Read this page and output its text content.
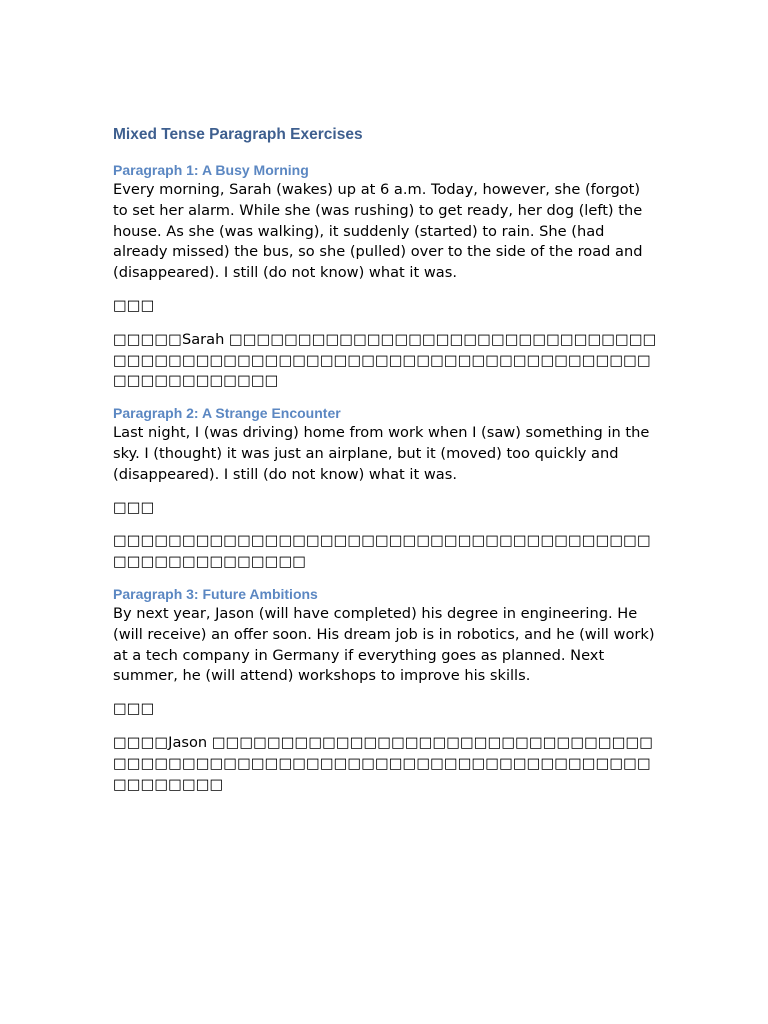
Mixed Tense Paragraph Exercises
Paragraph 1: A Busy Morning

Every morning, Sarah (wakes) up at 6 a.m. Today, however, she (forgot) to set her alarm. While she (was rushing) to get ready, her dog (left) the house. As she (was walking), it suddenly (started) to rain. She (had already missed) the bus, so she (pulled) over to the side of the road and (disappeared). I still (do not know) what it was.

□□□

□□□□□Sarah □□□□□□□□□□□□□□□□□□□□□□□□□□□□□□□□□□□□□□□□□□□□□□□□□□□□□□□□□□□□□□□□□□□□□□□□□□□□□□□□□□

Paragraph 2: A Strange Encounter

Last night, I (was driving) home from work when I (saw) something in the sky. I (thought) it was just an airplane, but it (moved) too quickly and (disappeared). I still (do not know) what it was.

□□□

□□□□□□□□□□□□□□□□□□□□□□□□□□□□□□□□□□□□□□□□□□□□□□□□□□□□□

Paragraph 3: Future Ambitions

By next year, Jason (will have completed) his degree in engineering. He (will receive) an offer soon. His dream job is in robotics, and he (will work) at a tech company in Germany if everything goes as planned. Next summer, he (will attend) workshops to improve his skills.

□□□

□□□□Jason □□□□□□□□□□□□□□□□□□□□□□□□□□□□□□□□□□□□□□□□□□□□□□□□□□□□□□□□□□□□□□□□□□□□□□□□□□□□□□□
